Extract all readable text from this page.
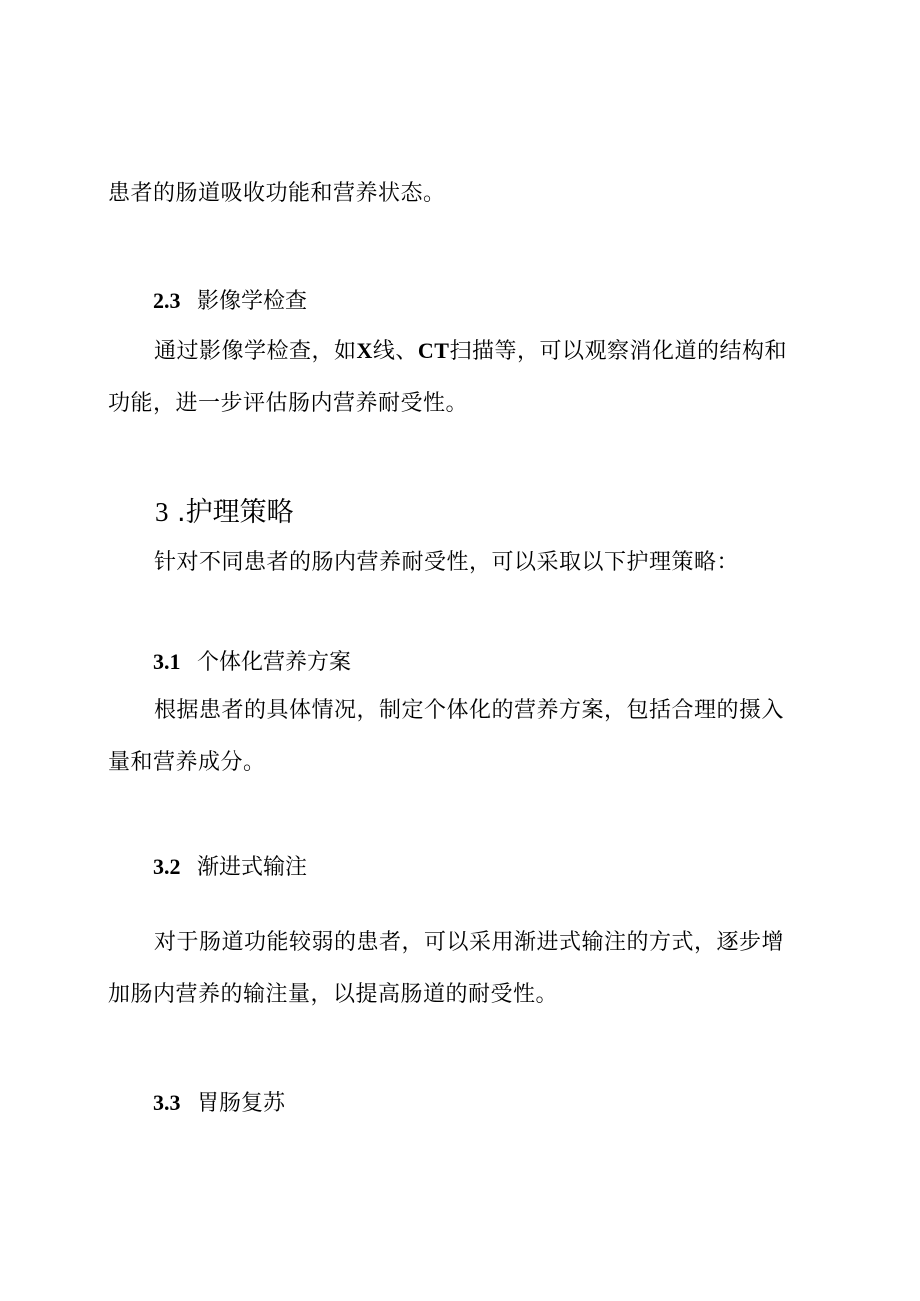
患者的肠道吸收功能和营养状态。

2.3 影像学检查

通过影像学检查，如X线、CT扫描等，可以观察消化道的结构和
功能，进一步评估肠内营养耐受性。

3 .护理策略

针对不同患者的肠内营养耐受性，可以采取以下护理策略：

3.1 个体化营养方案

根据患者的具体情况，制定个体化的营养方案，包括合理的摄入
量和营养成分。

3.2 渐进式输注

对于肠道功能较弱的患者，可以采用渐进式输注的方式，逐步增
加肠内营养的输注量，以提高肠道的耐受性。

3.3 胃肠复苏
